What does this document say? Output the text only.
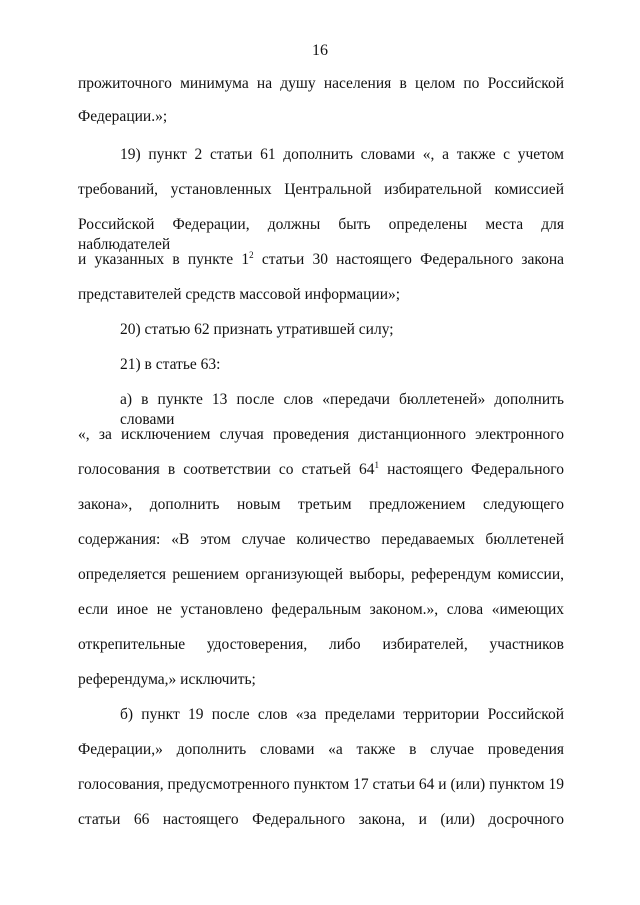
16
прожиточного минимума на душу населения в целом по Российской
Федерации.»;
19) пункт 2 статьи 61 дополнить словами «, а также с учетом
требований, установленных Центральной избирательной комиссией
Российской Федерации, должны быть определены места для наблюдателей
и указанных в пункте $1^2$ статьи 30 настоящего Федерального закона
представителей средств массовой информации»;
20) статью 62 признать утратившей силу;
21) в статье 63:
а) в пункте 13 после слов «передачи бюллетеней» дополнить словами
«, за исключением случая проведения дистанционного электронного
голосования в соответствии со статьей $64^1$ настоящего Федерального
закона», дополнить новым третьим предложением следующего
содержания: «В этом случае количество передаваемых бюллетеней
определяется решением организующей выборы, референдум комиссии,
если иное не установлено федеральным законом.», слова «имеющих
открепительные удостоверения, либо избирателей, участников
референдума,» исключить;
б) пункт 19 после слов «за пределами территории Российской
Федерации,» дополнить словами «а также в случае проведения
голосования, предусмотренного пунктом 17 статьи 64 и (или) пунктом 19
статьи 66 настоящего Федерального закона, и (или) досрочного
